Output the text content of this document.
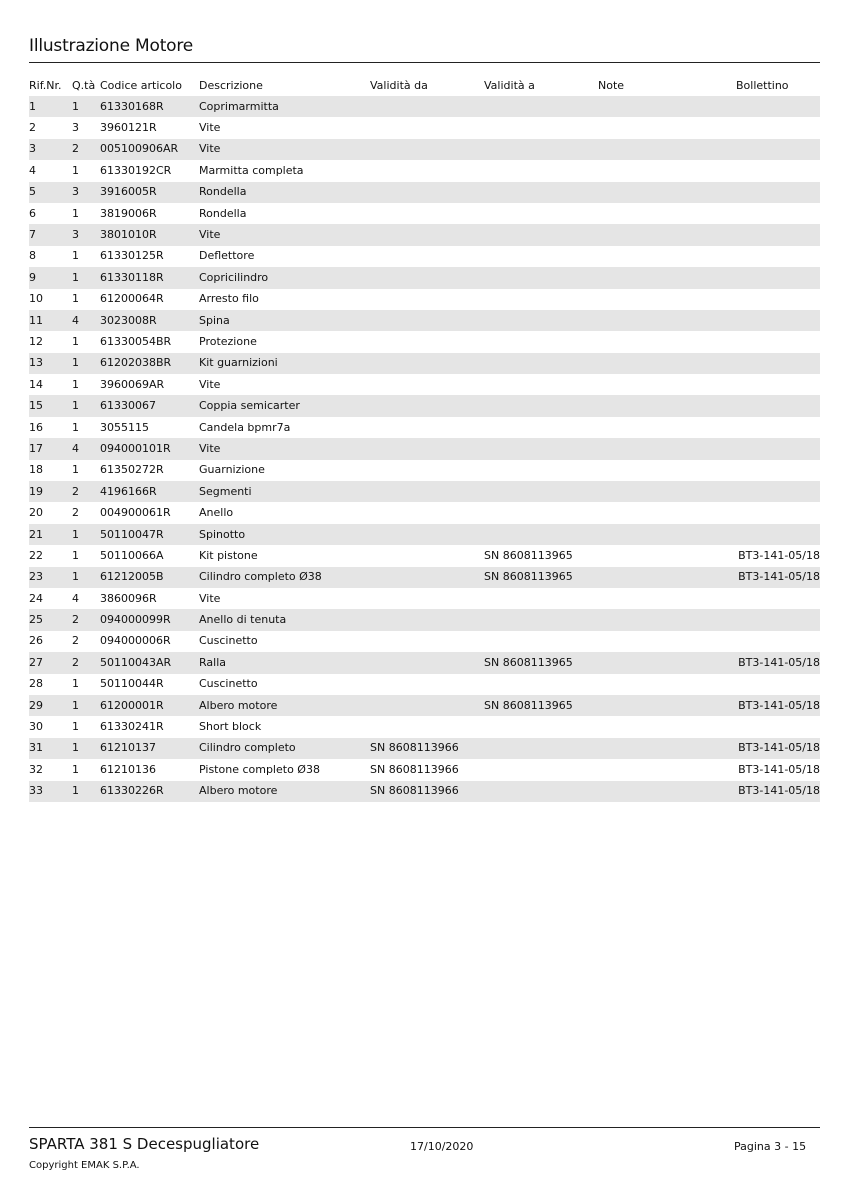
Illustrazione Motore
Rif.Nr.	Q.tà	Codice articolo	Descrizione	Validità da	Validità a	Note	Bollettino
1	1	61330168R	Coprimarmitta				
2	3	3960121R	Vite				
3	2	005100906AR	Vite				
4	1	61330192CR	Marmitta completa				
5	3	3916005R	Rondella				
6	1	3819006R	Rondella				
7	3	3801010R	Vite				
8	1	61330125R	Deflettore				
9	1	61330118R	Copricilindro				
10	1	61200064R	Arresto filo				
11	4	3023008R	Spina				
12	1	61330054BR	Protezione				
13	1	61202038BR	Kit guarnizioni				
14	1	3960069AR	Vite				
15	1	61330067	Coppia semicarter				
16	1	3055115	Candela bpmr7a				
17	4	094000101R	Vite				
18	1	61350272R	Guarnizione				
19	2	4196166R	Segmenti				
20	2	004900061R	Anello				
21	1	50110047R	Spinotto				
22	1	50110066A	Kit pistone		SN 8608113965		BT3-141-05/18
23	1	61212005B	Cilindro completo Ø38		SN 8608113965		BT3-141-05/18
24	4	3860096R	Vite				
25	2	094000099R	Anello di tenuta				
26	2	094000006R	Cuscinetto				
27	2	50110043AR	Ralla		SN 8608113965		BT3-141-05/18
28	1	50110044R	Cuscinetto				
29	1	61200001R	Albero motore		SN 8608113965		BT3-141-05/18
30	1	61330241R	Short block				
31	1	61210137	Cilindro completo	SN 8608113966			BT3-141-05/18
32	1	61210136	Pistone completo Ø38	SN 8608113966			BT3-141-05/18
33	1	61330226R	Albero motore	SN 8608113966			BT3-141-05/18
SPARTA 381 S Decespugliatore	17/10/2020	Pagina 3 - 15
Copyright EMAK S.P.A.
